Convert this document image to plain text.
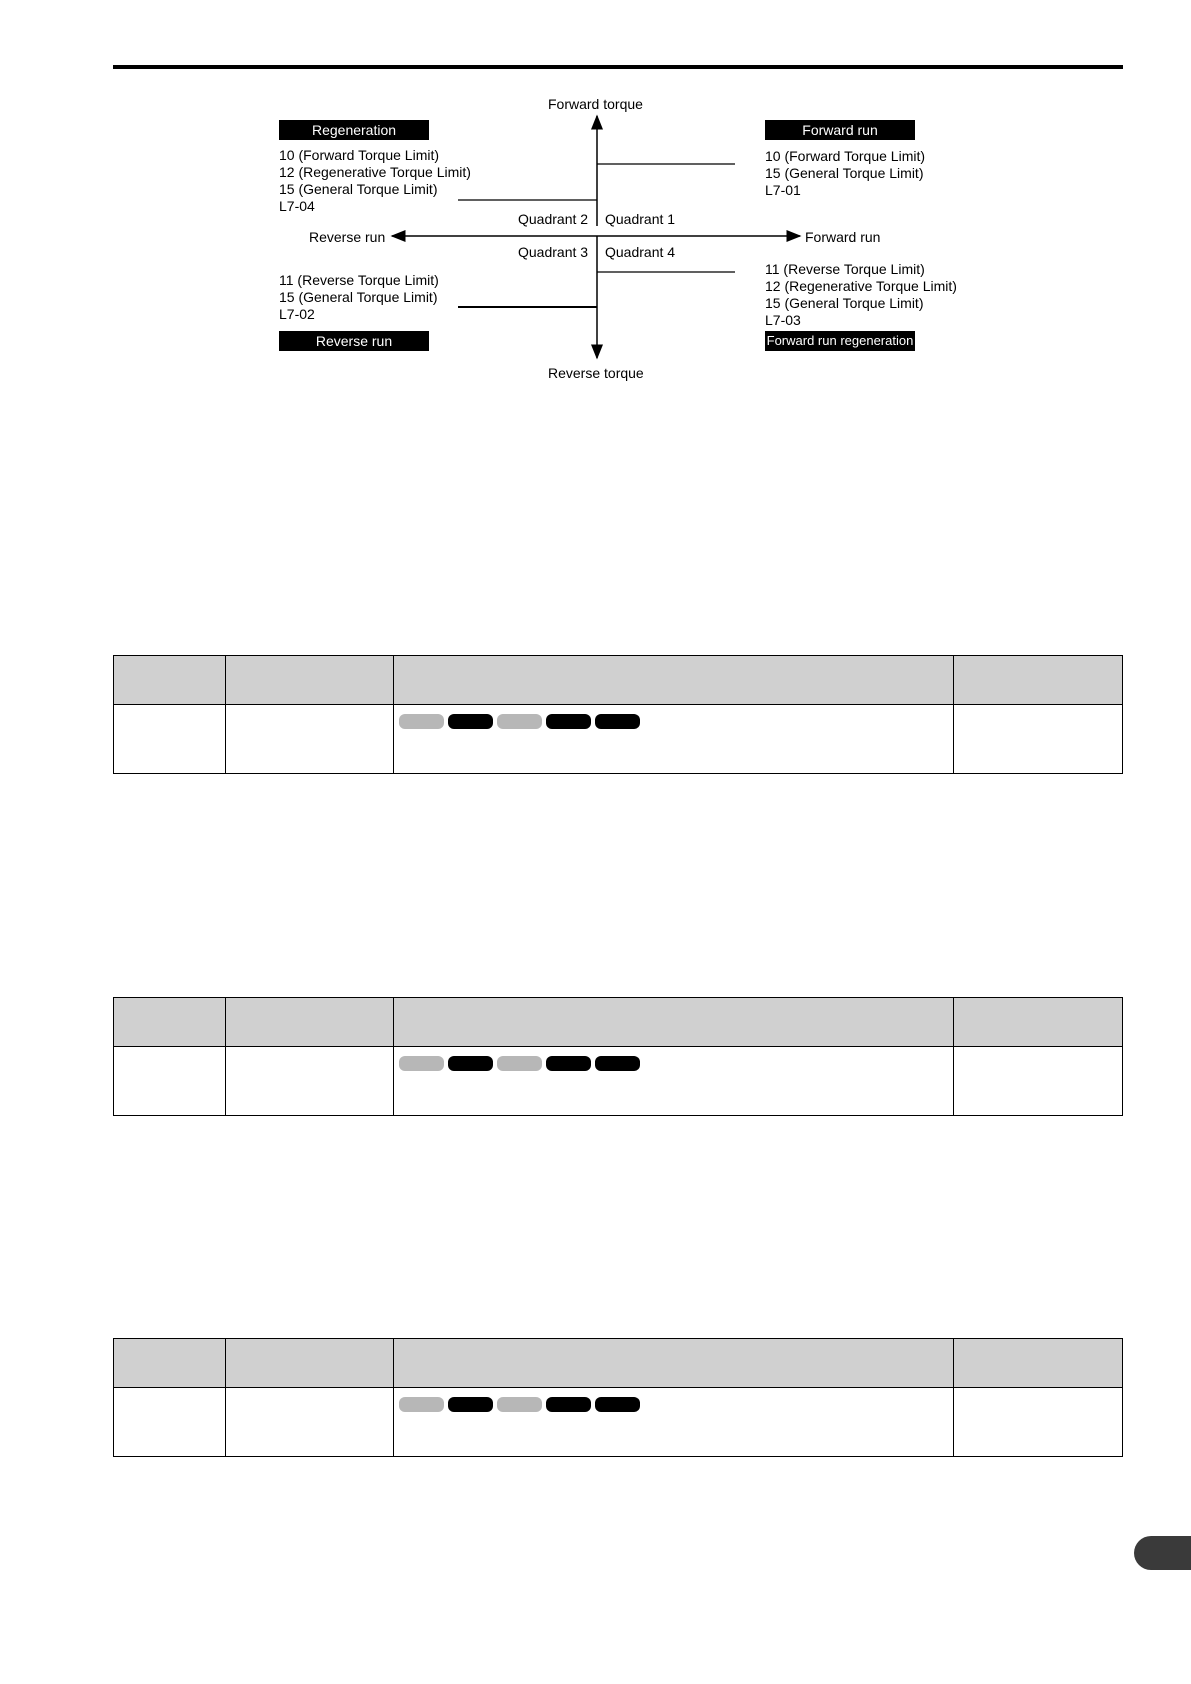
Forward torque
Reverse torque
Reverse run	Forward run
Quadrant 2 Quadrant 1
Quadrant 3 Quadrant 4
Regeneration	Forward run
Reverse run	Forward run regeneration
10 (Forward Torque Limit)
12 (Regenerative Torque Limit)
15 (General Torque Limit)
L7-04
10 (Forward Torque Limit)
15 (General Torque Limit)
L7-01
11 (Reverse Torque Limit)
15 (General Torque Limit)
L7-02
11 (Reverse Torque Limit)
12 (Regenerative Torque Limit)
15 (General Torque Limit)
L7-03
